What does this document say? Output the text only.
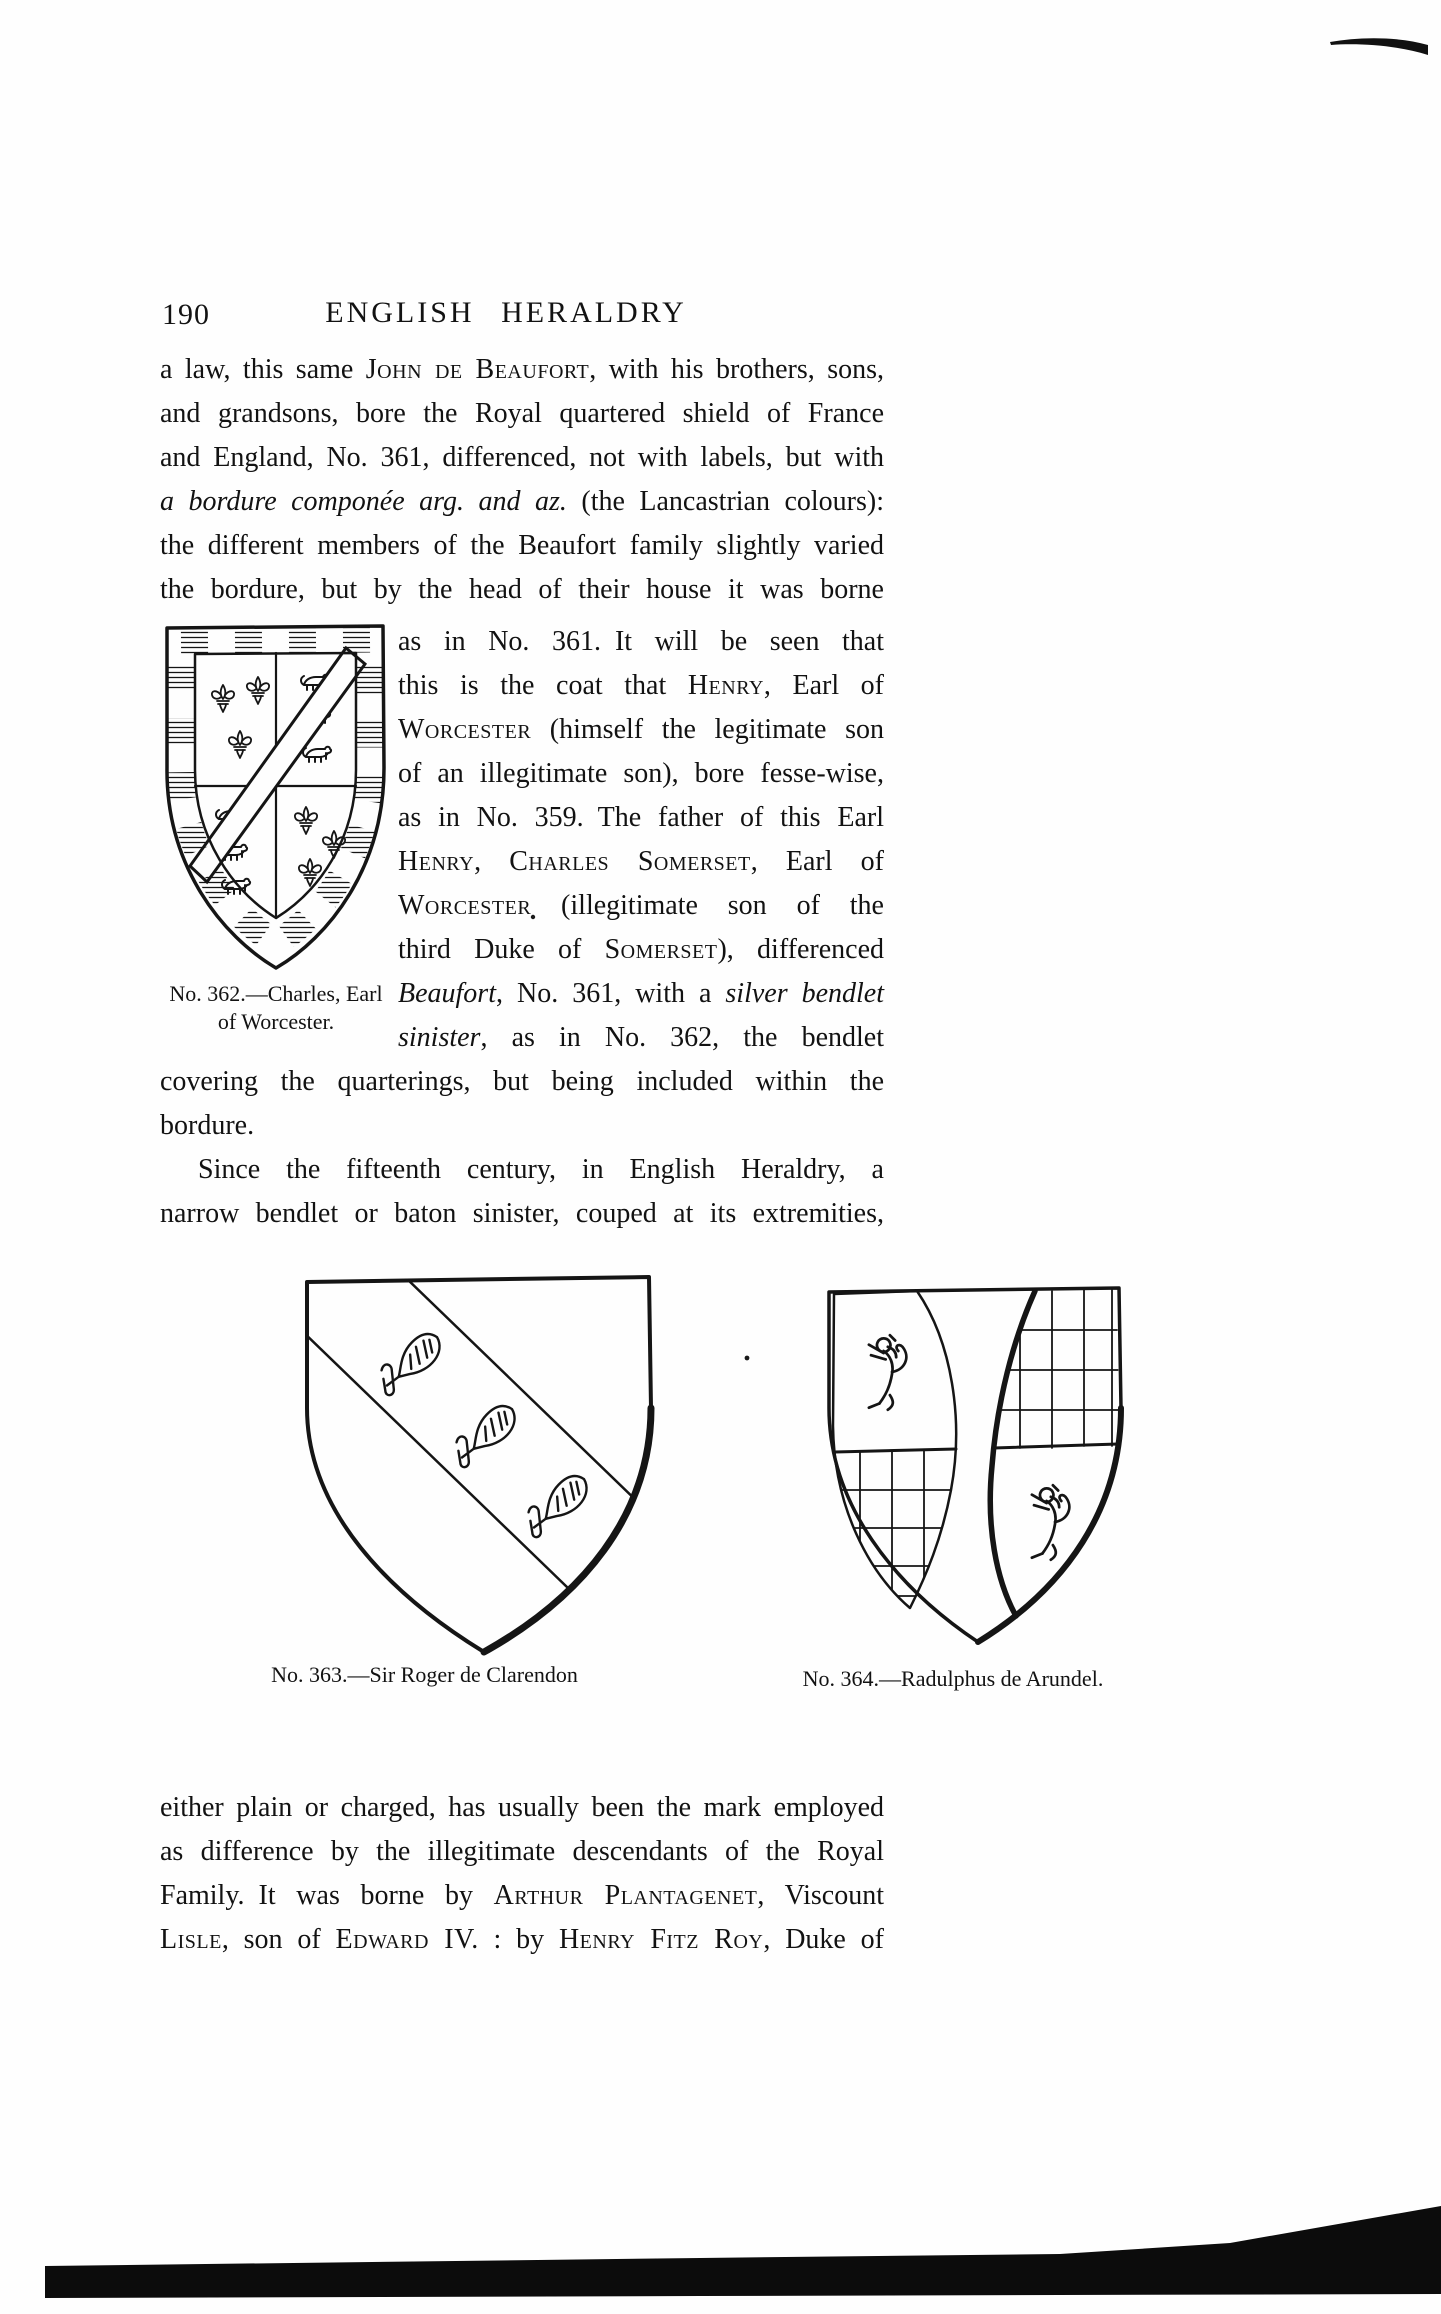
190	ENGLISH HERALDRY
a law, this same John de Beaufort, with his brothers, sons,
and grandsons, bore the Royal quartered shield of France
and England, No. 361, differenced, not with labels, but with
a bordure componée arg. and az. (the Lancastrian colours):
the different members of the Beaufort family slightly varied
the bordure, but by the head of their house it was borne
No. 362.—Charles, Earl
of Worcester.
as in No. 361. It will be seen that
this is the coat that Henry, Earl of
Worcester (himself the legitimate son
of an illegitimate son), bore fesse-wise,
as in No. 359. The father of this Earl
Henry, Charles Somerset, Earl of
Worcester (illegitimate son of the
third Duke of Somerset), differenced
Beaufort, No. 361, with a silver bendlet
sinister, as in No. 362, the bendlet
covering the quarterings, but being included within the
bordure.
Since the fifteenth century, in English Heraldry, a
narrow bendlet or baton sinister, couped at its extremities,
No. 363.—Sir Roger de Clarendon	No. 364.—Radulphus de Arundel.
either plain or charged, has usually been the mark employed
as difference by the illegitimate descendants of the Royal
Family. It was borne by Arthur Plantagenet, Viscount
Lisle, son of Edward IV. : by Henry Fitz Roy, Duke of
